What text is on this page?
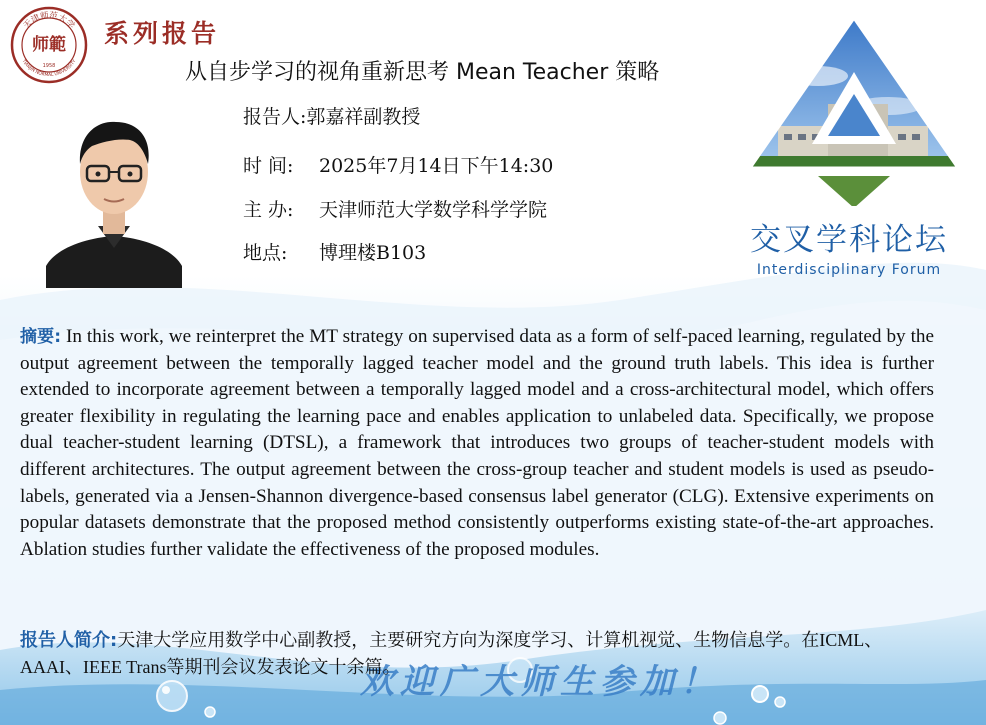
天津师范大学
TIANJIN NORMAL UNIVERSITY
师範
1958
系列报告
从自步学习的视角重新思考 Mean Teacher 策略
报告人:郭嘉祥副教授
时 间: 2025年7月14日下午14:30
主 办: 天津师范大学数学科学学院
地点: 博理楼B103	交叉学科论坛
Interdisciplinary Forum
摘要: In this work, we reinterpret the MT strategy on supervised data as a form of self-paced learning, regulated by the output agreement between the temporally lagged teacher model and the ground truth labels. This idea is further extended to incorporate agreement between a temporally lagged model and a cross-architectural model, which offers greater flexibility in regulating the learning pace and enables application to unlabeled data. Specifically, we propose dual teacher-student learning (DTSL), a framework that introduces two groups of teacher-student models with different architectures. The output agreement between the cross-group teacher and student models is used as pseudo-labels, generated via a Jensen-Shannon divergence-based consensus label generator (CLG). Extensive experiments on popular datasets demonstrate that the proposed method consistently outperforms existing state-of-the-art approaches. Ablation studies further validate the effectiveness of the proposed modules.
报告人简介:天津大学应用数学中心副教授，主要研究方向为深度学习、计算机视觉、生物信息学。在ICML、AAAI、IEEE Trans等期刊会议发表论文十余篇。
欢迎广大师生参加！
